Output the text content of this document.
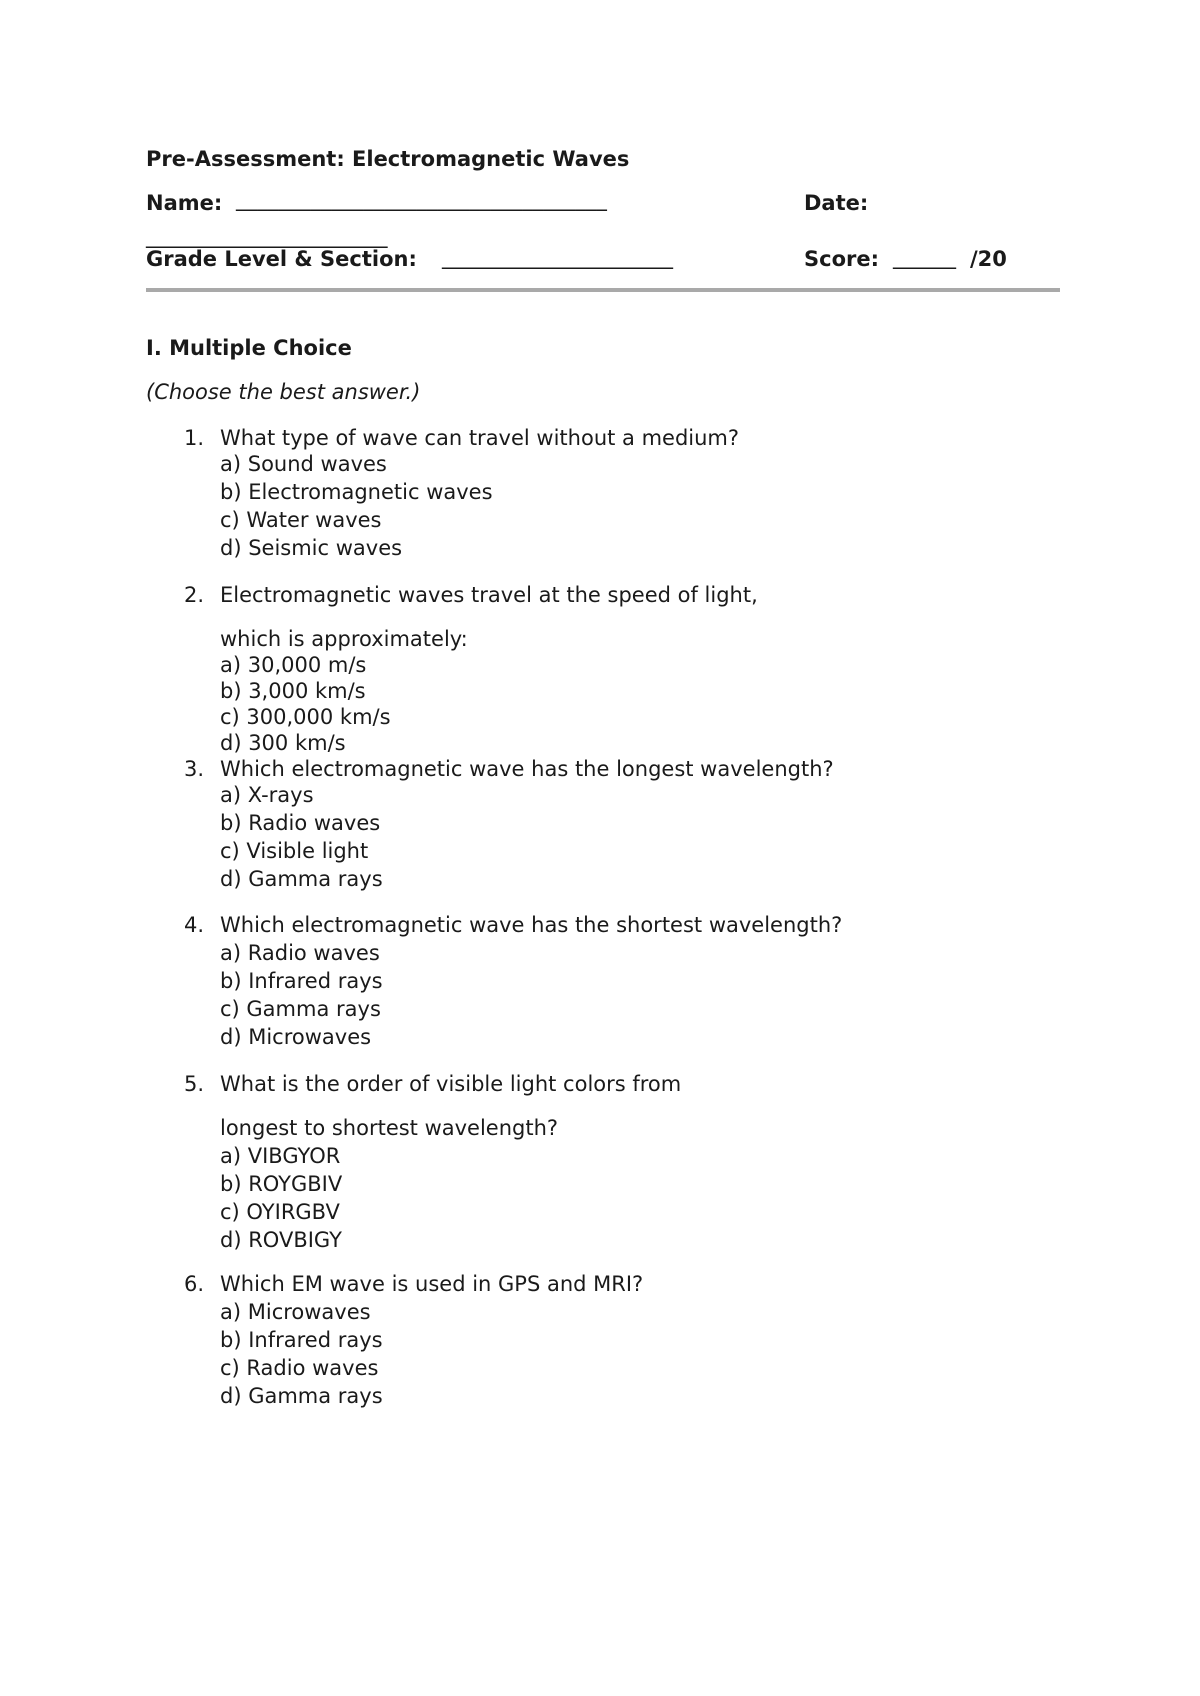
Pre-Assessment: Electromagnetic Waves
Name: ___________________________________	Date:
_______________________
Grade Level & Section: ______________________	Score: ______ /20
I. Multiple Choice
(Choose the best answer.)
1. What type of wave can travel without a medium?
a) Sound waves
b) Electromagnetic waves
c) Water waves
d) Seismic waves
2. Electromagnetic waves travel at the speed of light,
which is approximately:
a) 30,000 m/s
b) 3,000 km/s
c) 300,000 km/s
d) 300 km/s
3. Which electromagnetic wave has the longest wavelength?
a) X-rays
b) Radio waves
c) Visible light
d) Gamma rays
4. Which electromagnetic wave has the shortest wavelength?
a) Radio waves
b) Infrared rays
c) Gamma rays
d) Microwaves
5. What is the order of visible light colors from
longest to shortest wavelength?
a) VIBGYOR
b) ROYGBIV
c) OYIRGBV
d) ROVBIGY
6. Which EM wave is used in GPS and MRI?
a) Microwaves
b) Infrared rays
c) Radio waves
d) Gamma rays
